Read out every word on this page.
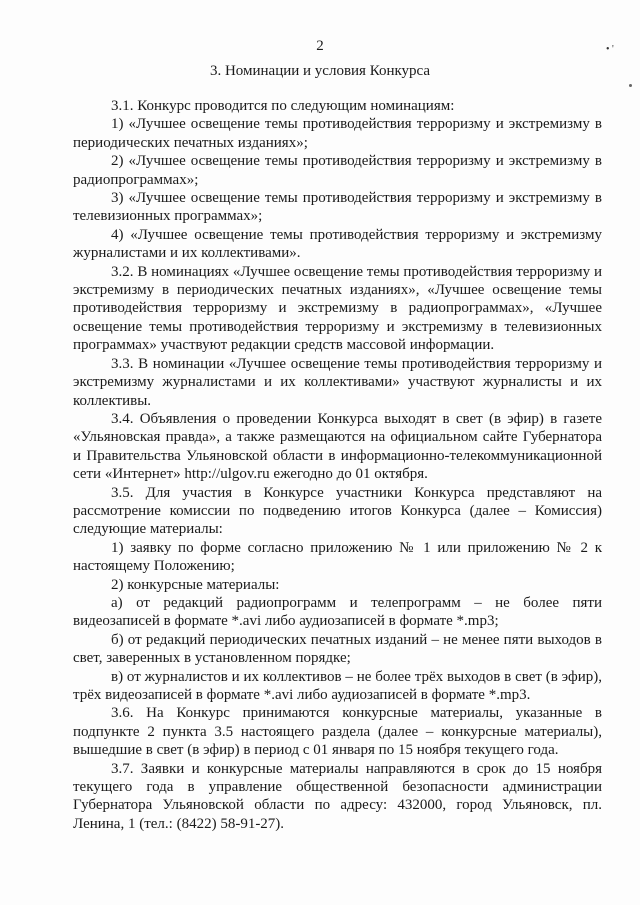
2	• '
3. Номинации и условия Конкурса

3.1. Конкурс проводится по следующим номинациям:

1) «Лучшее освещение темы противодействия терроризму и экстремизму в периодических печатных изданиях»;

2) «Лучшее освещение темы противодействия терроризму и экстремизму в радиопрограммах»;

3) «Лучшее освещение темы противодействия терроризму и экстремизму в телевизионных программах»;

4) «Лучшее освещение темы противодействия терроризму и экстремизму журналистами и их коллективами».

3.2. В номинациях «Лучшее освещение темы противодействия терроризму и экстремизму в периодических печатных изданиях», «Лучшее освещение темы противодействия терроризму и экстремизму в радиопрограммах», «Лучшее освещение темы противодействия терроризму и экстремизму в телевизионных программах» участвуют редакции средств массовой информации.

3.3. В номинации «Лучшее освещение темы противодействия терроризму и экстремизму журналистами и их коллективами» участвуют журналисты и их коллективы.

3.4. Объявления о проведении Конкурса выходят в свет (в эфир) в газете «Ульяновская правда», а также размещаются на официальном сайте Губернатора и Правительства Ульяновской области в информационно-телекоммуникационной сети «Интернет» http://ulgov.ru ежегодно до 01 октября.

3.5. Для участия в Конкурсе участники Конкурса представляют на рассмотрение комиссии по подведению итогов Конкурса (далее – Комиссия) следующие материалы:

1) заявку по форме согласно приложению № 1 или приложению № 2 к настоящему Положению;

2) конкурсные материалы:

а) от редакций радиопрограмм и телепрограмм – не более пяти видеозаписей в формате *.avi либо аудиозаписей в формате *.mp3;

б) от редакций периодических печатных изданий – не менее пяти выходов в свет, заверенных в установленном порядке;

в) от журналистов и их коллективов – не более трёх выходов в свет (в эфир), трёх видеозаписей в формате *.avi либо аудиозаписей в формате *.mp3.

3.6. На Конкурс принимаются конкурсные материалы, указанные в подпункте 2 пункта 3.5 настоящего раздела (далее – конкурсные материалы), вышедшие в свет (в эфир) в период с 01 января по 15 ноября текущего года.

3.7. Заявки и конкурсные материалы направляются в срок до 15 ноября текущего года в управление общественной безопасности администрации Губернатора Ульяновской области по адресу: 432000, город Ульяновск, пл. Ленина, 1 (тел.: (8422) 58-91-27).
